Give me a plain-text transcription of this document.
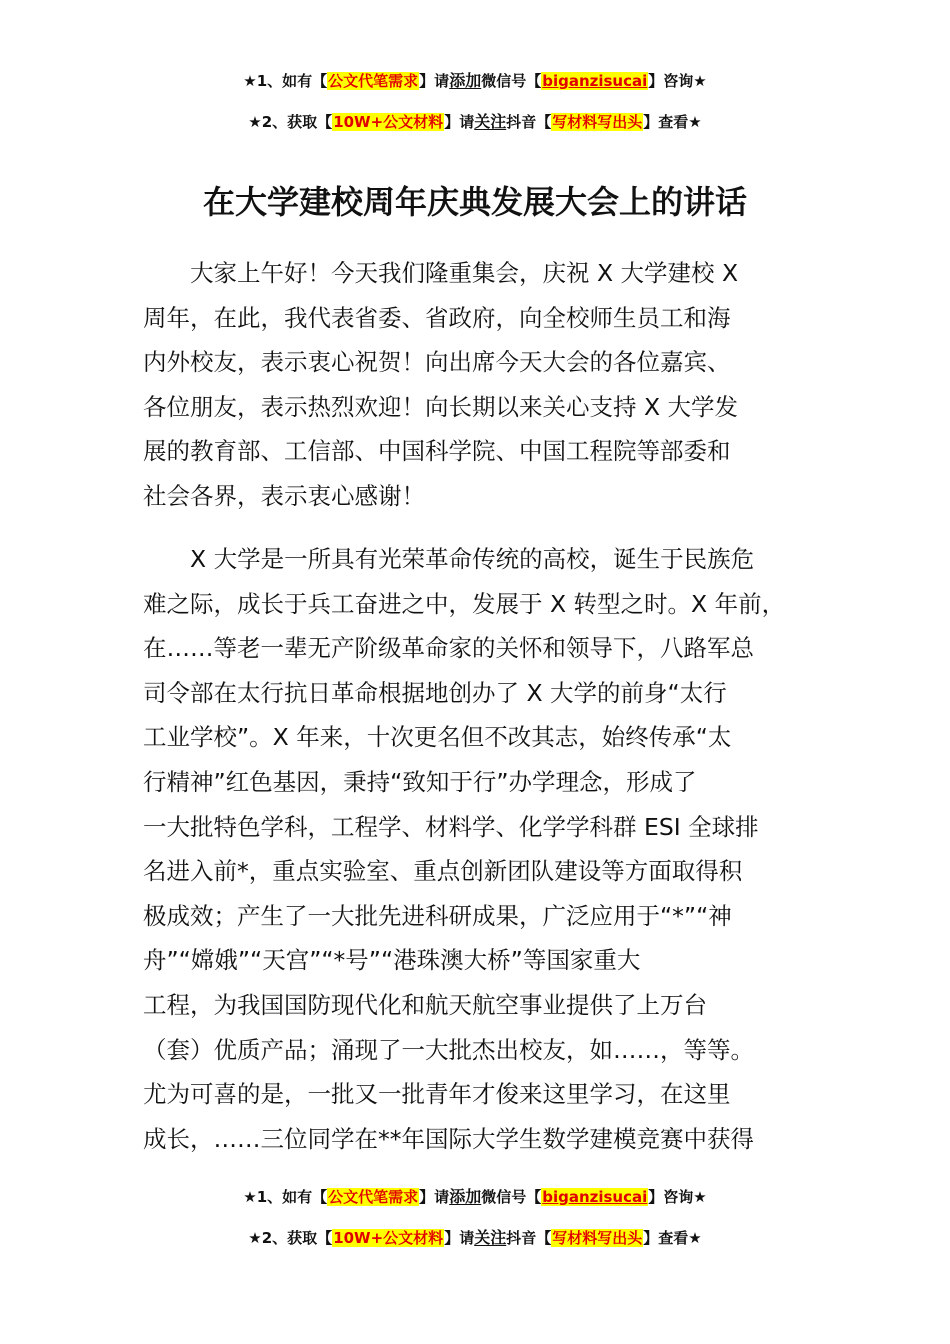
★1、如有【公文代笔需求】请添加微信号【biganzisucai】咨询★
★2、获取【10W+公文材料】请关注抖音【写材料写出头】查看★
在大学建校周年庆典发展大会上的讲话
大家上午好！今天我们隆重集会，庆祝 X 大学建校 X
周年，在此，我代表省委、省政府，向全校师生员工和海
内外校友，表示衷心祝贺！向出席今天大会的各位嘉宾、
各位朋友，表示热烈欢迎！向长期以来关心支持 X 大学发
展的教育部、工信部、中国科学院、中国工程院等部委和
社会各界，表示衷心感谢！
X 大学是一所具有光荣革命传统的高校，诞生于民族危
难之际，成长于兵工奋进之中，发展于 X 转型之时。X 年前，
在……等老一辈无产阶级革命家的关怀和领导下，八路军总
司令部在太行抗日革命根据地创办了 X 大学的前身“太行
工业学校”。X 年来，十次更名但不改其志，始终传承“太
行精神”红色基因，秉持“致知于行”办学理念，形成了
一大批特色学科，工程学、材料学、化学学科群 ESI 全球排
名进入前*，重点实验室、重点创新团队建设等方面取得积
极成效；产生了一大批先进科研成果，广泛应用于“*”“神
舟”“嫦娥”“天宫”“*号”“港珠澳大桥”等国家重大
工程，为我国国防现代化和航天航空事业提供了上万台
（套）优质产品；涌现了一大批杰出校友，如……，等等。
尤为可喜的是，一批又一批青年才俊来这里学习，在这里
成长，……三位同学在**年国际大学生数学建模竞赛中获得
★1、如有【公文代笔需求】请添加微信号【biganzisucai】咨询★
★2、获取【10W+公文材料】请关注抖音【写材料写出头】查看★
